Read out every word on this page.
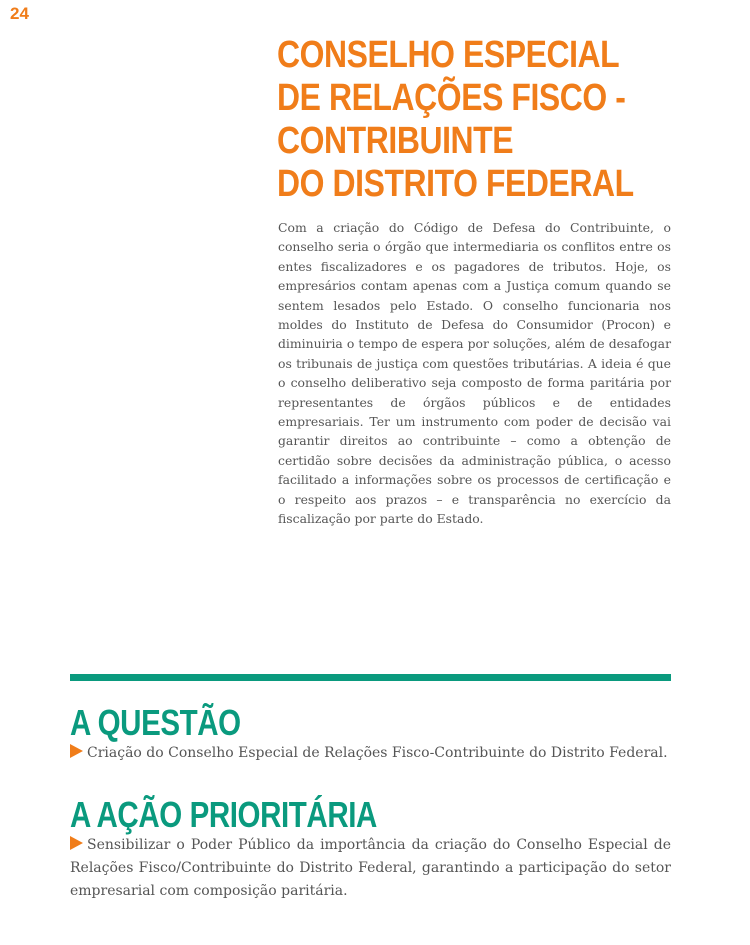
24
CONSELHO ESPECIAL
DE RELAÇÕES FISCO -
CONTRIBUINTE
DO DISTRITO FEDERAL

Com a criação do Código de Defesa do Contribuinte, o conselho seria o órgão que intermediaria os conflitos entre os entes fiscalizadores e os pagadores de tributos. Hoje, os empresários contam apenas com a Justiça comum quando se sentem lesados pelo Estado. O conselho funcionaria nos moldes do Instituto de Defesa do Consumidor (Procon) e diminuiria o tempo de espera por soluções, além de desafogar os tribunais de justiça com questões tributárias. A ideia é que o conselho deliberativo seja composto de forma paritária por representantes de órgãos públicos e de entidades empresariais. Ter um instrumento com poder de decisão vai garantir direitos ao contribuinte – como a obtenção de certidão sobre decisões da administração pública, o acesso facilitado a informações sobre os processos de certificação e o respeito aos prazos – e transparência no exercício da fiscalização por parte do Estado.

A QUESTÃO

Criação do Conselho Especial de Relações Fisco-Contribuinte do Distrito Federal.

A AÇÃO PRIORITÁRIA

Sensibilizar o Poder Público da importância da criação do Conselho Especial de Relações Fisco/Contribuinte do Distrito Federal, garantindo a participação do setor empresarial com composição paritária.
